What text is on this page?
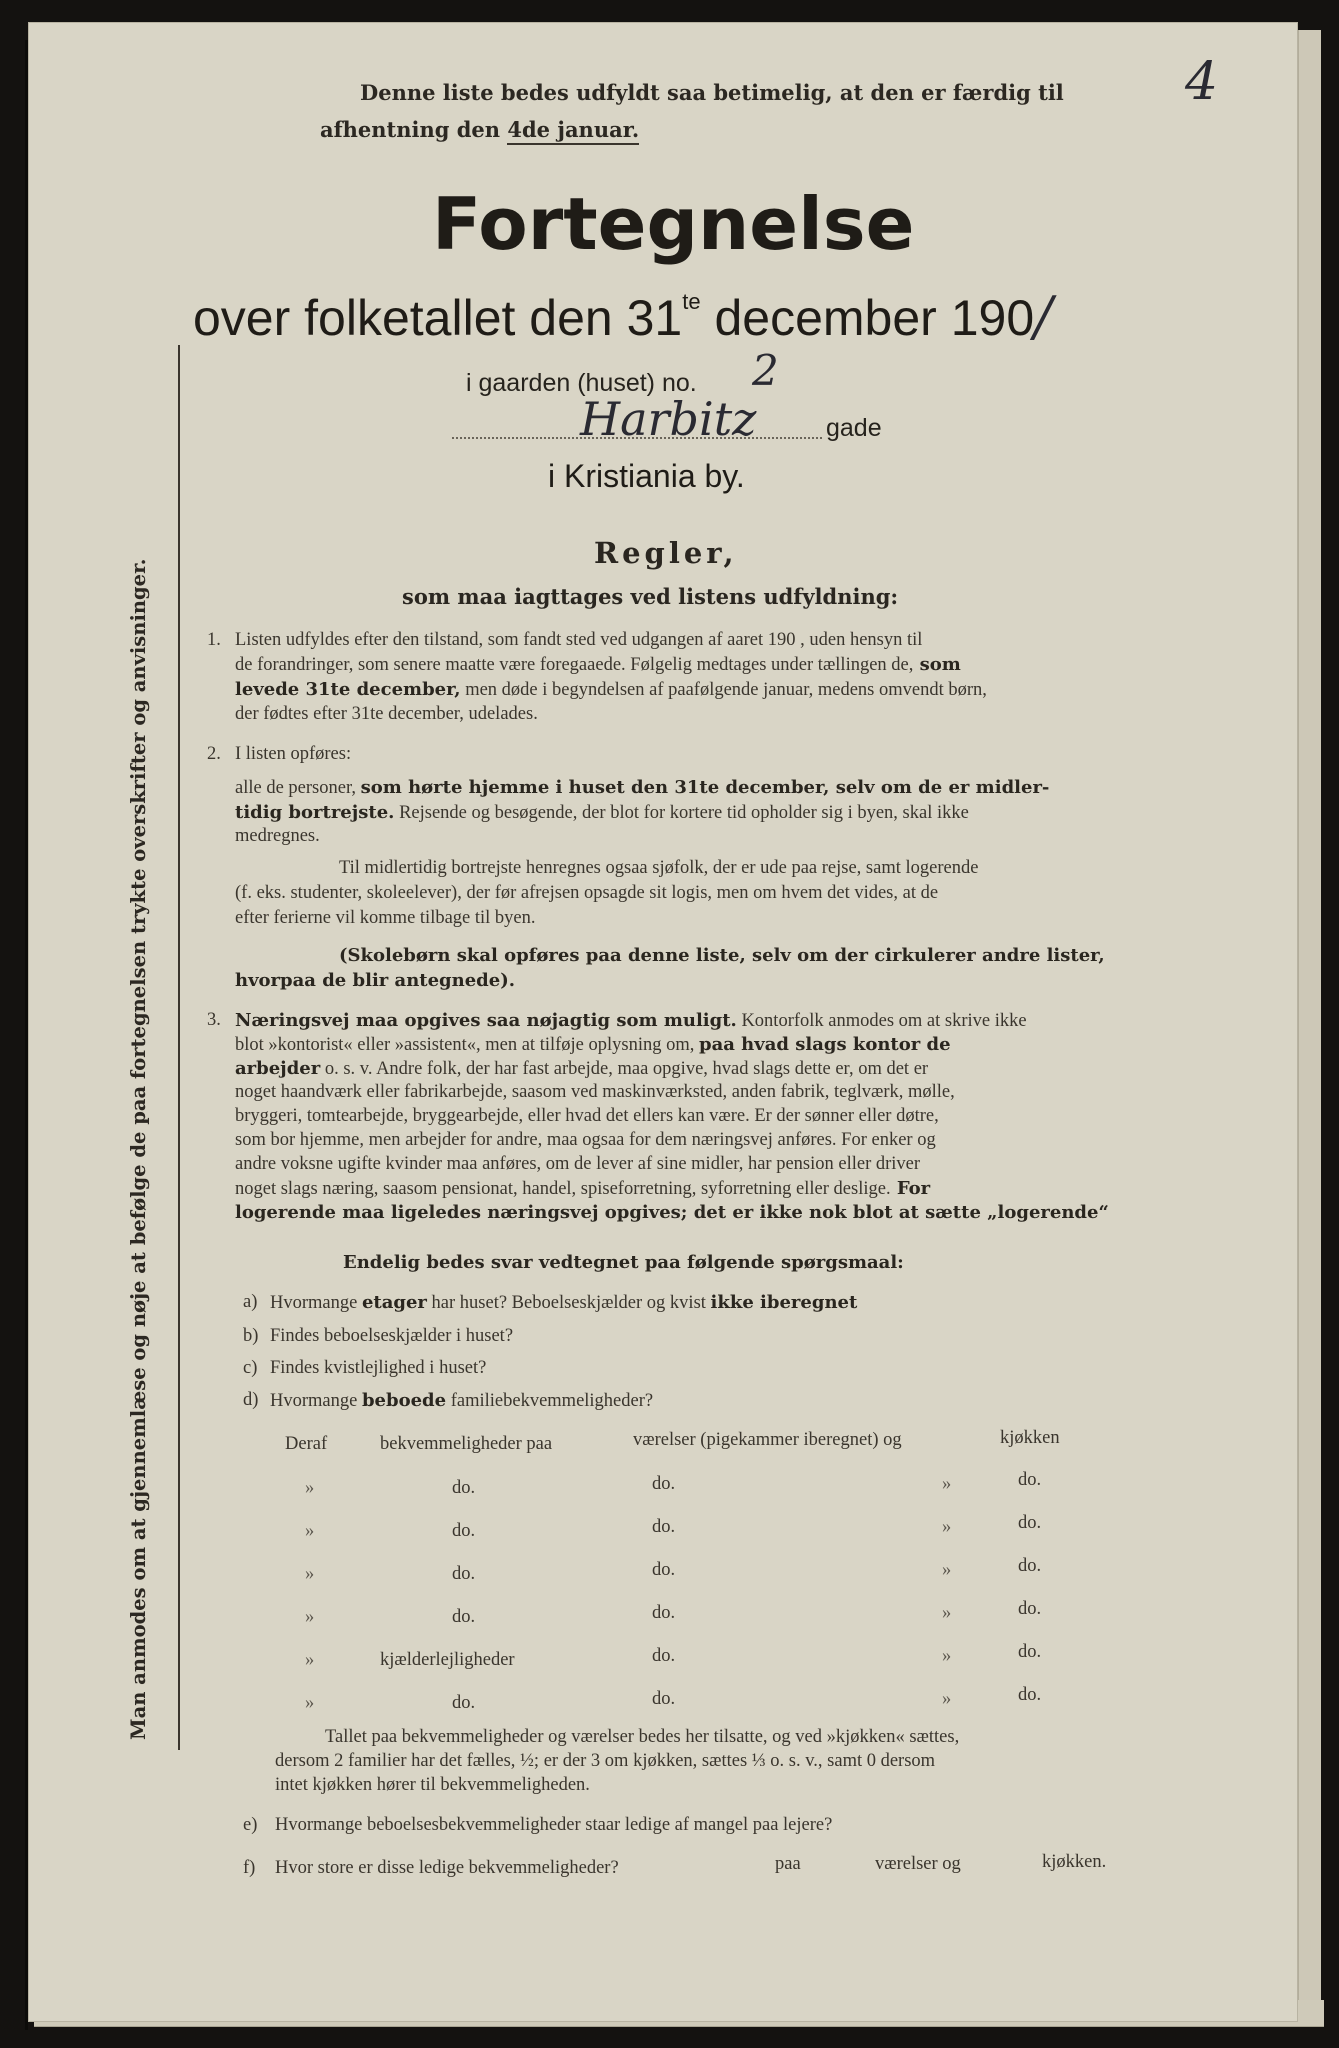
4
Denne liste bedes udfyldt saa betimelig, at den er færdig til
afhentning den 4de januar.
Fortegnelse
over folketallet den $31^{te}$ december 190/
i gaarden (huset) no. 2
Harbitz	gade
i Kristiania by.
Regler,
som maa iagttages ved listens udfyldning:
Man anmodes om at gjennemlæse og nøje at befølge de paa fortegnelsen trykte overskrifter og anvisninger.	1. Listen udfyldes efter den tilstand, som fandt sted ved udgangen af aaret 190 , uden hensyn til
de forandringer, som senere maatte være foregaaede. Følgelig medtages under tællingen de, som
levede 31te december, men døde i begyndelsen af paafølgende januar, medens omvendt børn,
der fødtes efter 31te december, udelades.
2. I listen opføres:
alle de personer, som hørte hjemme i huset den 31te december, selv om de er midler-
tidig bortrejste. Rejsende og besøgende, der blot for kortere tid opholder sig i byen, skal ikke
medregnes.
Til midlertidig bortrejste henregnes ogsaa sjøfolk, der er ude paa rejse, samt logerende
(f. eks. studenter, skoleelever), der før afrejsen opsagde sit logis, men om hvem det vides, at de
efter ferierne vil komme tilbage til byen.
(Skolebørn skal opføres paa denne liste, selv om der cirkulerer andre lister,
hvorpaa de blir antegnede).
3. Næringsvej maa opgives saa nøjagtig som muligt. Kontorfolk anmodes om at skrive ikke
blot »kontorist« eller »assistent«, men at tilføje oplysning om, paa hvad slags kontor de
arbejder o. s. v. Andre folk, der har fast arbejde, maa opgive, hvad slags dette er, om det er
noget haandværk eller fabrikarbejde, saasom ved maskinværksted, anden fabrik, teglværk, mølle,
bryggeri, tomtearbejde, bryggearbejde, eller hvad det ellers kan være. Er der sønner eller døtre,
som bor hjemme, men arbejder for andre, maa ogsaa for dem næringsvej anføres. For enker og
andre voksne ugifte kvinder maa anføres, om de lever af sine midler, har pension eller driver
noget slags næring, saasom pensionat, handel, spiseforretning, syforretning eller deslige. For
logerende maa ligeledes næringsvej opgives; det er ikke nok blot at sætte „logerende“
Endelig bedes svar vedtegnet paa følgende spørgsmaal:
a) Hvormange etager har huset? Beboelseskjælder og kvist ikke iberegnet
b) Findes beboelseskjælder i huset?
c) Findes kvistlejlighed i huset?
d) Hvormange beboede familiebekvemmeligheder?
Deraf	bekvemmeligheder paa	værelser (pigekammer iberegnet) og	kjøkken
»	do.	do.	»	do.
»	do.	do.	»	do.
»	do.	do.	»	do.
»	do.	do.	»	do.
»	kjælderlejligheder	do.	»	do.
»	do.	do.	»	do.
Tallet paa bekvemmeligheder og værelser bedes her tilsatte, og ved »kjøkken« sættes,
dersom 2 familier har det fælles, ½; er der 3 om kjøkken, sættes ⅓ o. s. v., samt 0 dersom
intet kjøkken hører til bekvemmeligheden.
e) Hvormange beboelsesbekvemmeligheder staar ledige af mangel paa lejere?
f) Hvor store er disse ledige bekvemmeligheder?	paa	værelser og	kjøkken.
